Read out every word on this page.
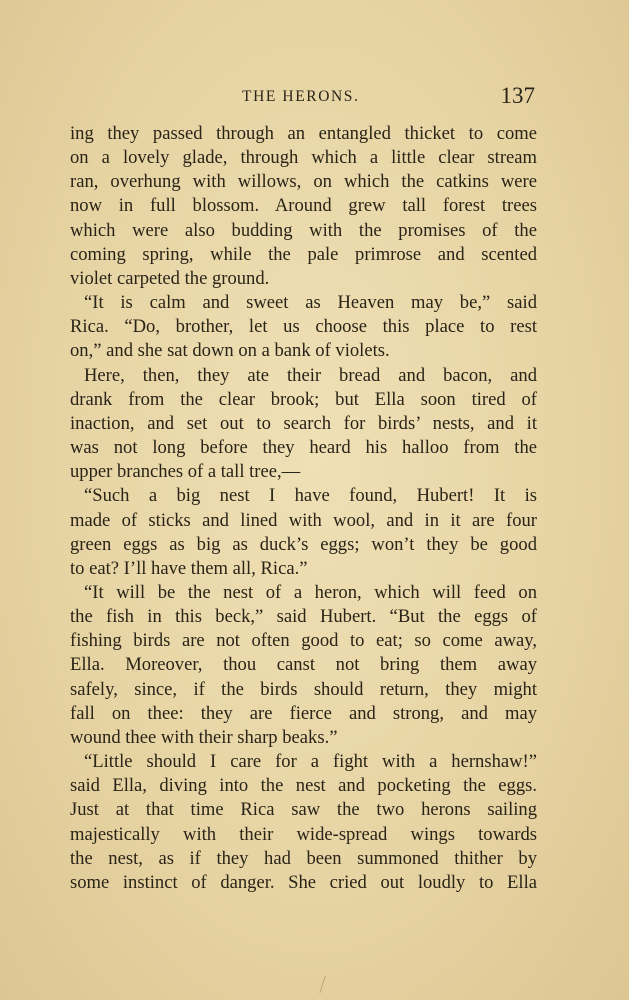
THE HERONS.	137
ing they passed through an entangled thicket to come
on a lovely glade, through which a little clear stream
ran, overhung with willows, on which the catkins were
now in full blossom. Around grew tall forest trees
which were also budding with the promises of the
coming spring, while the pale primrose and scented
violet carpeted the ground.
“It is calm and sweet as Heaven may be,” said
Rica. “Do, brother, let us choose this place to rest
on,” and she sat down on a bank of violets.
Here, then, they ate their bread and bacon, and
drank from the clear brook; but Ella soon tired of
inaction, and set out to search for birds’ nests, and it
was not long before they heard his halloo from the
upper branches of a tall tree,—
“Such a big nest I have found, Hubert! It is
made of sticks and lined with wool, and in it are four
green eggs as big as duck’s eggs; won’t they be good
to eat? I’ll have them all, Rica.”
“It will be the nest of a heron, which will feed on
the fish in this beck,” said Hubert. “But the eggs of
fishing birds are not often good to eat; so come away,
Ella. Moreover, thou canst not bring them away
safely, since, if the birds should return, they might
fall on thee: they are fierce and strong, and may
wound thee with their sharp beaks.”
“Little should I care for a fight with a hernshaw!”
said Ella, diving into the nest and pocketing the eggs.
Just at that time Rica saw the two herons sailing
majestically with their wide-spread wings towards
the nest, as if they had been summoned thither by
some instinct of danger. She cried out loudly to Ella
